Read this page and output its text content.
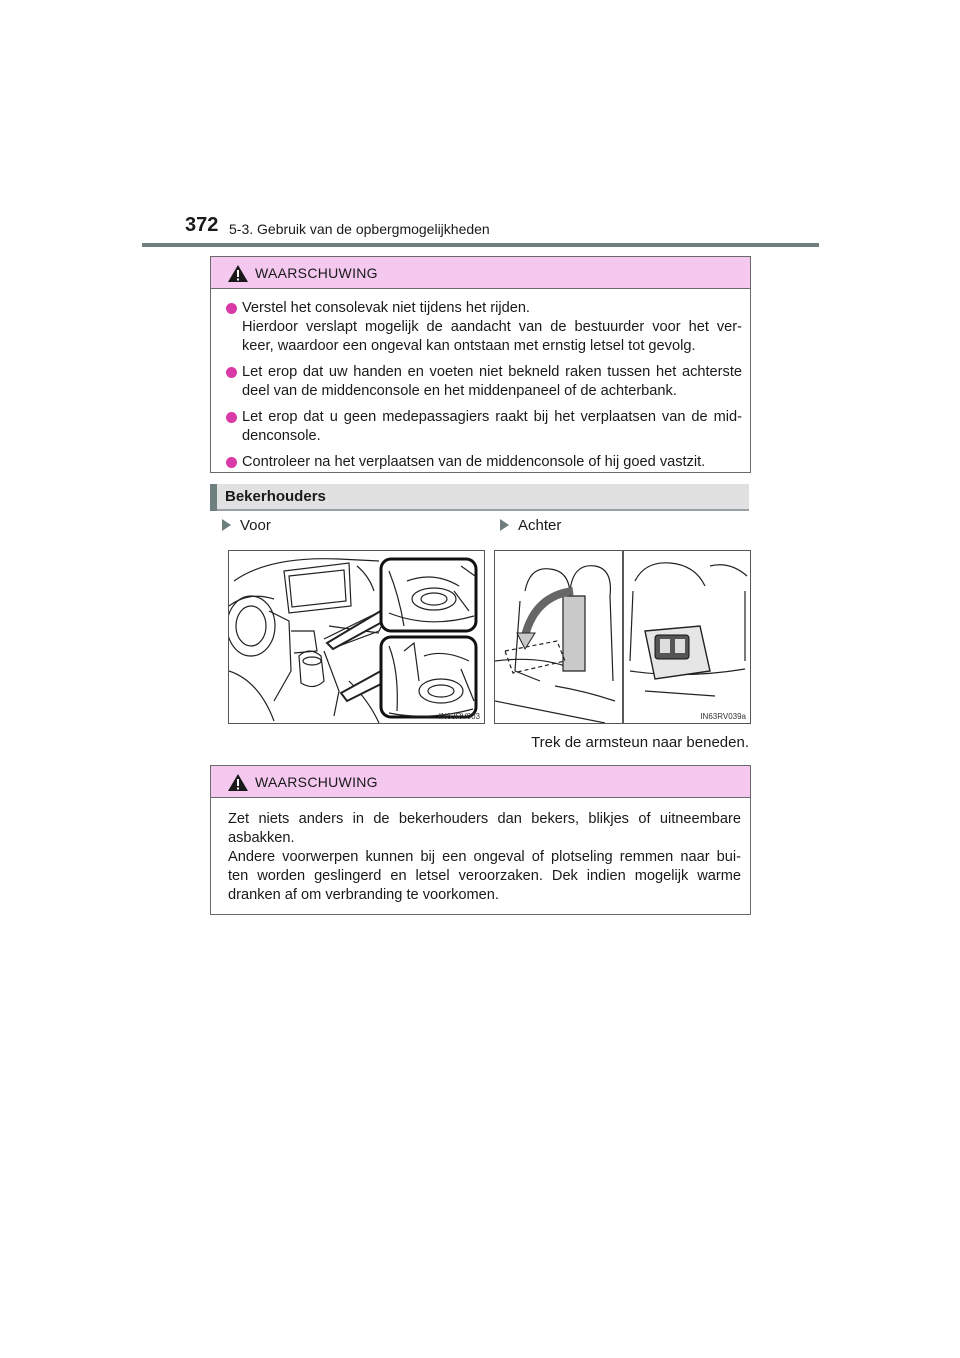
372 5-3. Gebruik van de opbergmogelijkheden
WAARSCHUWING
Verstel het consolevak niet tijdens het rijden.
Hierdoor verslapt mogelijk de aandacht van de bestuurder voor het ver-
keer, waardoor een ongeval kan ontstaan met ernstig letsel tot gevolg.
Let erop dat uw handen en voeten niet bekneld raken tussen het achterste
deel van de middenconsole en het middenpaneel of de achterbank.
Let erop dat u geen medepassagiers raakt bij het verplaatsen van de mid-
denconsole.
Controleer na het verplaatsen van de middenconsole of hij goed vastzit.
Bekerhouders
Voor	Achter
IN63RV003	IN63RV039a
Trek de armsteun naar beneden.
WAARSCHUWING
Zet niets anders in de bekerhouders dan bekers, blikjes of uitneembare
asbakken.
Andere voorwerpen kunnen bij een ongeval of plotseling remmen naar bui-
ten worden geslingerd en letsel veroorzaken. Dek indien mogelijk warme
dranken af om verbranding te voorkomen.
